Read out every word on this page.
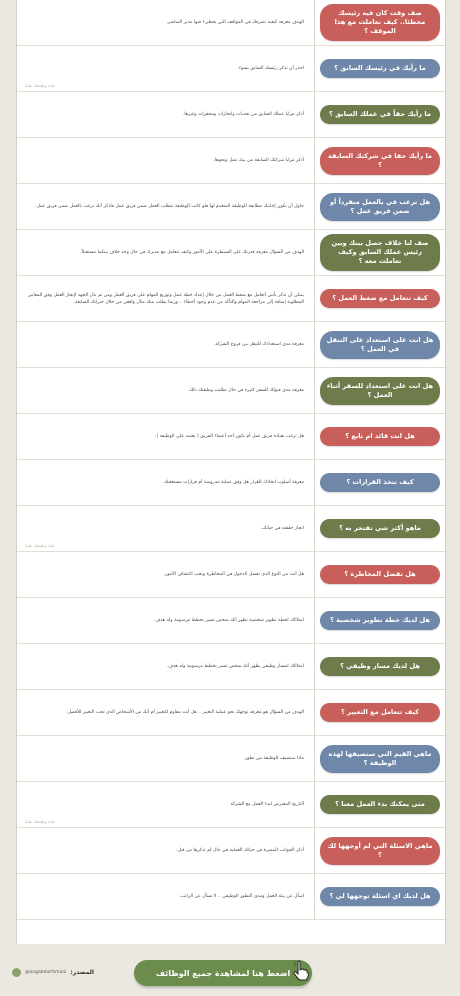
صف وقت كان فيه رئيسك مخطئا.. كيف تعاملت مع هذا الموقف ؟
الهدف معرفة كيفية تصرفك في المواقف التي يخطىء فيها مدير المباشر.
ما رأيك في رئيسك السابق ؟
احذر أن تذكر رئيسك السابق بسوء.
قناة وظيفتك علينا
ما رأيك حقاً في عملك السابق ؟
أذكر مزايا عملك السابق من تحديات وانجازات ومحفزات وغيرها.
ما رأيك حقا في شركتك السابقة ؟
أذكر مزايا شركتك السابقة من بيئة عمل ونحوها.
هل ترغب في بالعمل منفرداً أو ضمن فريق عمل ؟
حاول أن تكون إجابتك مطابقة للوظيفة المتقدم لها فلو كانت الوظيفة تتطلب العمل ضمن فريق عمل فاذكر أنك ترغب بالعمل ضمن فريق عمل.
صف لنا خلاف حصل بينك وبين رئيس عملك السابق وكيف تعاملت معه ؟
الهدف من السؤال معرفة قدرتك على السيطرة على الأمور وكيف تتعامل مع مديرك في حال وجد خلاف بينكما مستقبلاً.
كيف تتعامل مع ضغط العمل ؟
يمكن أن تذكر بأنني أتعامل مع ضغط العمل من خلال إعداد خطة عمل وتوزيع المهام على فريق العمل ومن ثم بذل الجهد لإنجاز العمل وفق المعايير المطلوبة إضافة إلى مراجعة المهام والتأكد من عدم وجود أخطاء .. وربما يطلب منك مثال واقعي من خلال خبراتك السابقة.
هل انت على استعداد على التنقل في العمل ؟
معرفة مدى استعدادك للتنقل بين فروع الشركة.
هل انت على استعداد للسفر أثناء العمل ؟
معرفة مدى قبولك للسفر كثيرة في حال تطلبت وظيفتك ذلك.
هل انت قائد ام تابع ؟
هل ترغب بقيادة فريق عمل أم تكون أحد أعضاء الفريق ( يعتمد على الوظيفة ).
كيف تتخذ القرارات ؟
معرفة أسلوب اتخاذك للقرار هل وفق عملية مدروسة أم قرارات مستعجلة.
ماهو أكثر شي تفتخر به ؟
انجاز حققته في حياتك.
قناة وظيفتك علينا
هل تفضل المخاطرة ؟
هل أنت من النوع الذي تفضل الدخول في المخاطرة وتحب اكتشاف الأمور.
هل لديك خطة تطوير شخصية ؟
امتلاكك لخطة تطوير شخصية تظهر أنك شخص تسير بخطط مرسومة وله هدف.
هل لديك مسار وظيفي ؟
امتلاكك لمسار وظيفي يظهر أنك شخص تسير بخطط مرسومة وله هدف.
كيف تتعامل مع التغيير ؟
الهدف من السؤال هو معرفة توجهك نحو عملية التغيير .. هل أنت مقاوم للتغيير أم أنك من الأشخاص الذي تحب التغيير للأفضل.
ماهي القيم التي ستضيفها لهذه الوظيفة ؟
ماذا ستضيف للوظيفة من تطور
متى يمكنك بدء العمل معنا ؟
التاريخ المفترض لبدء العمل مع الشركة
قناة وظيفتك علينا
ماهي الاسئلة التي لم أوجهها لك ؟
أذكر الجوانب المميزة في حياتك العملية في حال لم تذكرها من قبل.
هل لديك اي اسئلة توجهها لي ؟
اسأل عن بيئة العمل ومدى التطور الوظيفي .. لا تسأل عن الراتب.
المصدر:
@engabdulrhmani	اضغط هنا لمشاهدة جميع الوظائف
